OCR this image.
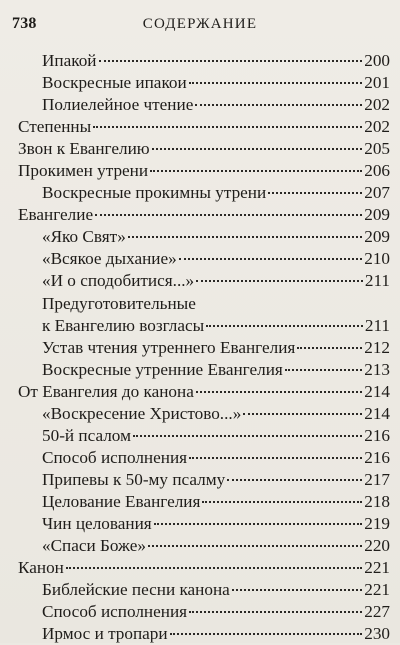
738	СОДЕРЖАНИЕ
Ипакой	200
Воскресные ипакои	201
Полиелейное чтение	202
Степенны	202
Звон к Евангелию	205
Прокимен утрени	206
Воскресные прокимны утрени	207
Евангелие	209
«Яко Свят»	209
«Всякое дыхание»	210
«И о сподобитися...»	211
Предуготовительные
к Евангелию возгласы	211
Устав чтения утреннего Евангелия	212
Воскресные утренние Евангелия	213
От Евангелия до канона	214
«Воскресение Христово...»	214
50-й псалом	216
Способ исполнения	216
Припевы к 50-му псалму	217
Целование Евангелия	218
Чин целования	219
«Спаси Боже»	220
Канон	221
Библейские песни канона	221
Способ исполнения	227
Ирмос и тропари	230
